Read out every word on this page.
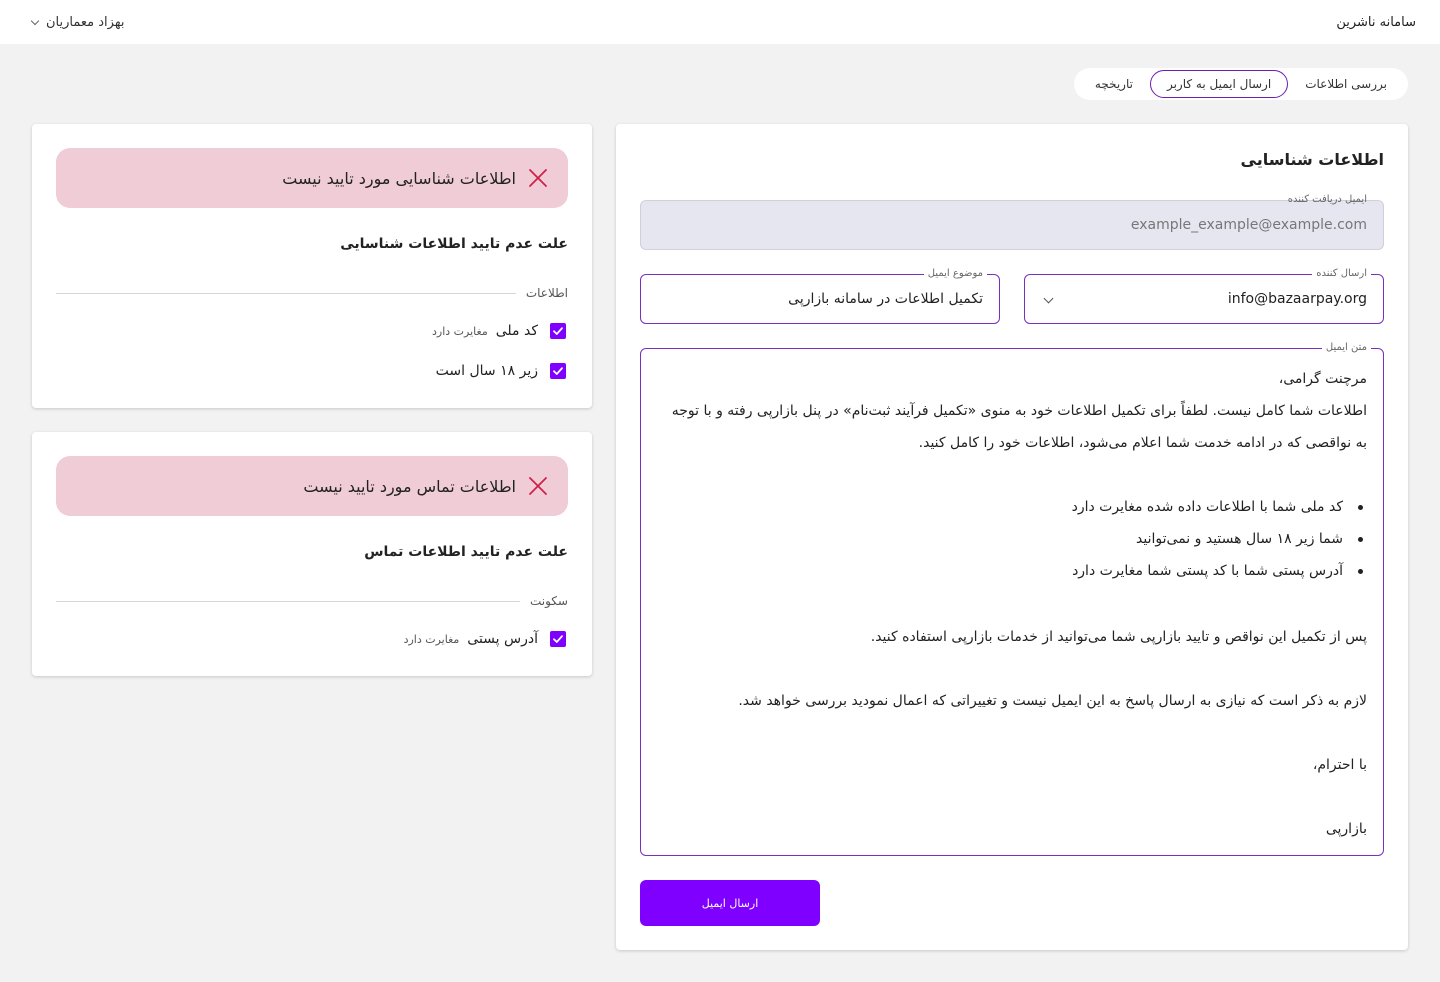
سامانه ناشرین
بهزاد معماریان
بررسی اطلاعات
ارسال ایمیل به کاربر
تاریخچه
اطلاعات شناسایی
ایمیل دریافت کننده
example_example@example.com
ارسال کننده
info@bazaarpay.org
موضوع ایمیل
تکمیل اطلاعات در سامانه بازارپی
متن ایمیل

مرچنت گرامی،

اطلاعات شما کامل نیست. لطفاً برای تکمیل اطلاعات خود به منوی «تکمیل فرآیند ثبت‌نام» در پنل بازارپی رفته و با توجه به نواقصی که در ادامه خدمت شما اعلام می‌شود، اطلاعات خود را کامل کنید.

کد ملی شما با اطلاعات داده شده مغایرت دارد
شما زیر ۱۸ سال هستید و نمی‌توانید
آدرس پستی شما با کد پستی شما مغایرت دارد

پس از تکمیل این نواقص و تایید بازارپی شما می‌توانید از خدمات بازارپی استفاده کنید.

لازم به ذکر است که نیازی به ارسال پاسخ به این ایمیل نیست و تغییراتی که اعمال نمودید بررسی خواهد شد.

با احترام،

بازارپی

ارسال ایمیل
اطلاعات شناسایی مورد تایید نیست
علت عدم تایید اطلاعات شناسایی
اطلاعات
کد ملی
مغایرت دارد
زیر ۱۸ سال است
اطلاعات تماس مورد تایید نیست
علت عدم تایید اطلاعات تماس
سکونت
آدرس پستی
مغایرت دارد
